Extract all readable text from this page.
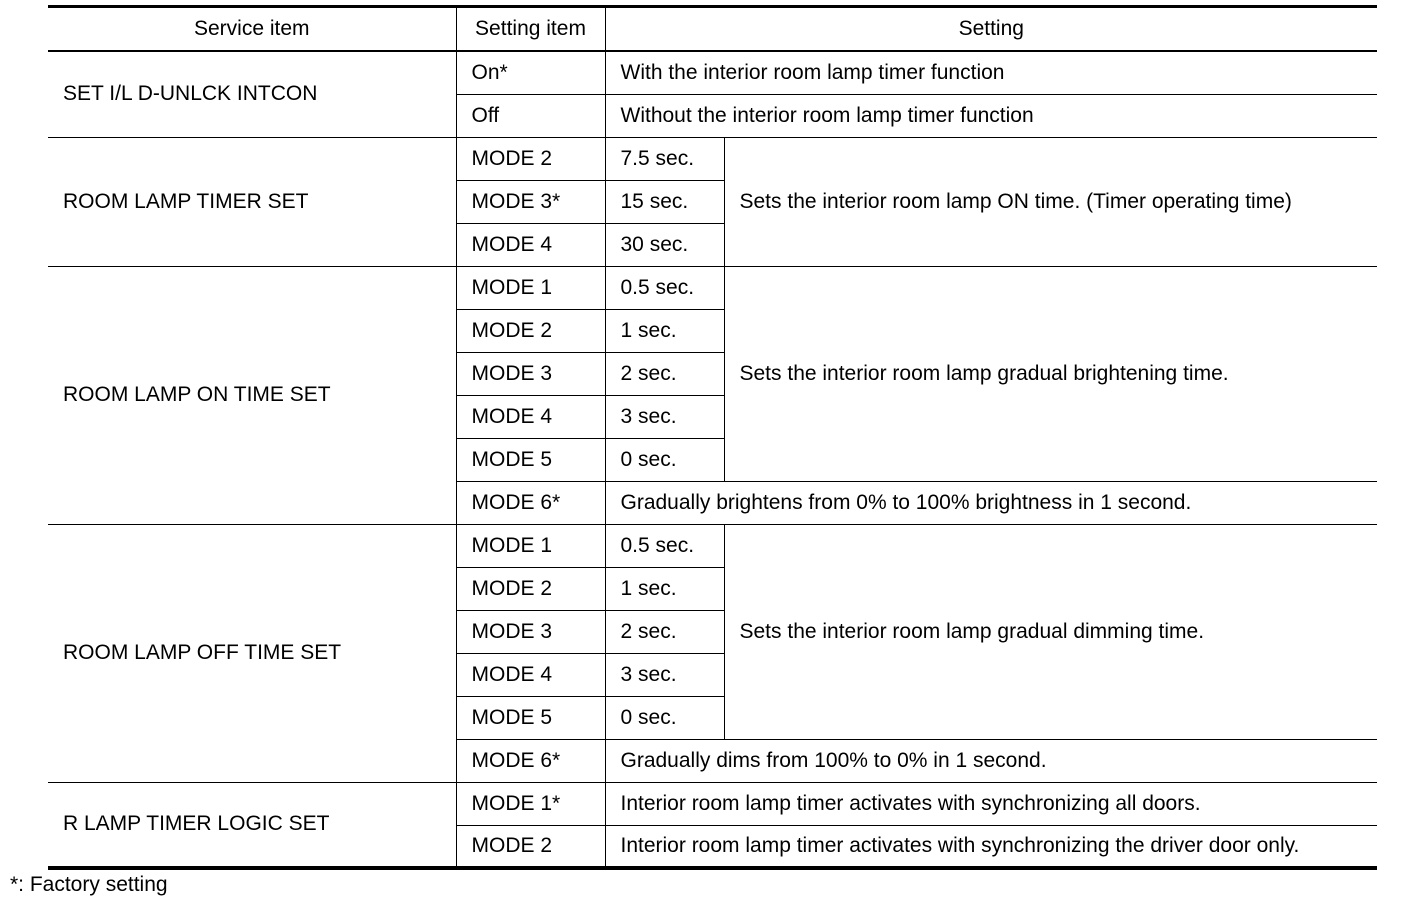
Service item	Setting item	Setting	
SET I/L D-UNLCK INTCON	On*	With the interior room lamp timer function	
	Off	Without the interior room lamp timer function	
ROOM LAMP TIMER SET	MODE 2	7.5 sec.	Sets the interior room lamp ON time. (Timer operating time)
	MODE 3*	15 sec.	
	MODE 4	30 sec.	
ROOM LAMP ON TIME SET	MODE 1	0.5 sec.	Sets the interior room lamp gradual brightening time.
	MODE 2	1 sec.	
	MODE 3	2 sec.	
	MODE 4	3 sec.	
	MODE 5	0 sec.	
	MODE 6*	Gradually brightens from 0% to 100% brightness in 1 second.	
ROOM LAMP OFF TIME SET	MODE 1	0.5 sec.	Sets the interior room lamp gradual dimming time.
	MODE 2	1 sec.	
	MODE 3	2 sec.	
	MODE 4	3 sec.	
	MODE 5	0 sec.	
	MODE 6*	Gradually dims from 100% to 0% in 1 second.	
R LAMP TIMER LOGIC SET	MODE 1*	Interior room lamp timer activates with synchronizing all doors.	
	MODE 2	Interior room lamp timer activates with synchronizing the driver door only.	
*: Factory setting
